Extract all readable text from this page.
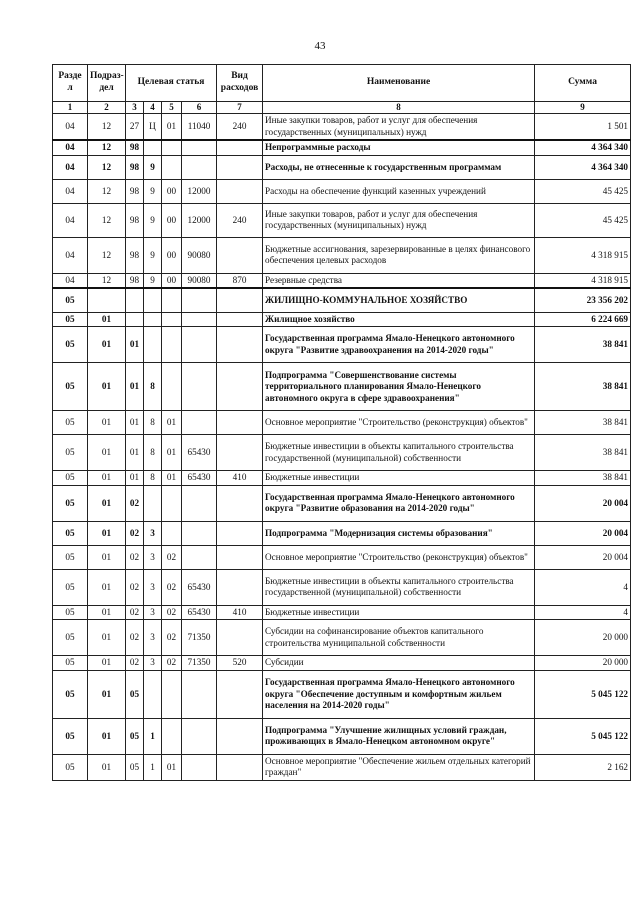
43
Разде л	Подраз- дел	Целевая статья				Вид расходов	Наименование	Сумма
1	2	3	4	5	6	7	8	9
04	12	27	Ц	01	11040	240	Иные закупки товаров, работ и услуг для обеспечения государственных (муниципальных) нужд	1 501
04	12	98					Непрограммные расходы	4 364 340
04	12	98	9				Расходы, не отнесенные к государственным программам	4 364 340
04	12	98	9	00	12000		Расходы на обеспечение функций казенных учреждений	45 425
04	12	98	9	00	12000	240	Иные закупки товаров, работ и услуг для обеспечения государственных (муниципальных) нужд	45 425
04	12	98	9	00	90080		Бюджетные ассигнования, зарезервированные в целях финансового обеспечения целевых расходов	4 318 915
04	12	98	9	00	90080	870	Резервные средства	4 318 915
05							ЖИЛИЩНО-КОММУНАЛЬНОЕ ХОЗЯЙСТВО	23 356 202
05	01						Жилищное хозяйство	6 224 669
05	01	01					Государственная программа Ямало-Ненецкого автономного округа "Развитие здравоохранения на 2014-2020 годы"	38 841
05	01	01	8				Подпрограмма "Совершенствование системы территориального планирования Ямало-Ненецкого автономного округа в сфере здравоохранения"	38 841
05	01	01	8	01			Основное мероприятие "Строительство (реконструкция) объектов"	38 841
05	01	01	8	01	65430		Бюджетные инвестиции в объекты капитального строительства государственной (муниципальной) собственности	38 841
05	01	01	8	01	65430	410	Бюджетные инвестиции	38 841
05	01	02					Государственная программа Ямало-Ненецкого автономного округа "Развитие образования на 2014-2020 годы"	20 004
05	01	02	3				Подпрограмма "Модернизация системы образования"	20 004
05	01	02	3	02			Основное мероприятие "Строительство (реконструкция) объектов"	20 004
05	01	02	3	02	65430		Бюджетные инвестиции в объекты капитального строительства государственной (муниципальной) собственности	4
05	01	02	3	02	65430	410	Бюджетные инвестиции	4
05	01	02	3	02	71350		Субсидии на софинансирование объектов капитального строительства муниципальной собственности	20 000
05	01	02	3	02	71350	520	Субсидии	20 000
05	01	05					Государственная программа Ямало-Ненецкого автономного округа "Обеспечение доступным и комфортным жильем населения на 2014-2020 годы"	5 045 122
05	01	05	1				Подпрограмма "Улучшение жилищных условий граждан, проживающих в Ямало-Ненецком автономном округе"	5 045 122
05	01	05	1	01			Основное мероприятие "Обеспечение жильем отдельных категорий граждан"	2 162
